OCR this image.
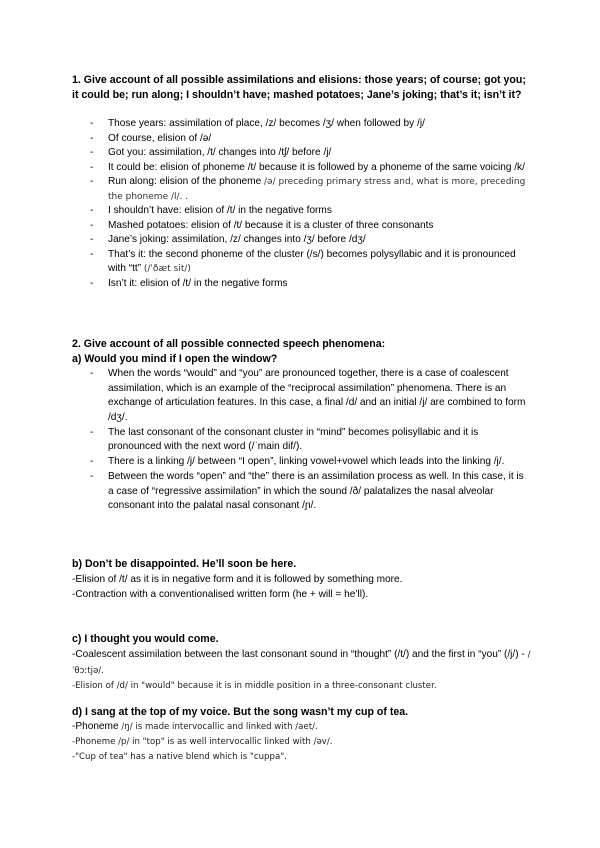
1. Give account of all possible assimilations and elisions: those years; of course; got you; it could be; run along; I shouldn’t have; mashed potatoes; Jane’s joking; that’s it; isn’t it?

- Those years: assimilation of place, /z/ becomes /ʒ/ when followed by /j/
- Of course, elision of /ə/
- Got you: assimilation, /t/ changes into /tʃ/ before /j/
- It could be: elision of phoneme /t/ because it is followed by a phoneme of the same voicing /k/
- Run along: elision of the phoneme /ə/ preceding primary stress and, what is more, preceding the phoneme /l/. .
- I shouldn’t have: elision of /t/ in the negative forms
- Mashed potatoes: elision of /t/ because it is a cluster of three consonants
- Jane’s joking: assimilation, /z/ changes into /ʒ/ before /dʒ/
- That’s it: the second phoneme of the cluster (/s/) becomes polysyllabic and it is pronounced with “tt” (/ˈðæt sit/)
- Isn’t it: elision of /t/ in the negative forms

2. Give account of all possible connected speech phenomena:

a) Would you mind if I open the window?

- When the words “would” and “you” are pronounced together, there is a case of coalescent assimilation, which is an example of the “reciprocal assimilation” phenomena. There is an exchange of articulation features. In this case, a final /d/ and an initial /j/ are combined to form /dʒ/.
- The last consonant of the consonant cluster in “mind” becomes polisyllabic and it is pronounced with the next word (/ˈmain dif/).
- There is a linking /j/ between “I open”, linking vowel+vowel which leads into the linking /j/.
- Between the words “open” and “the” there is an assimilation process as well. In this case, it is a case of “regressive assimilation” in which the sound /ð/ palatalizes the nasal alveolar consonant into the palatal nasal consonant /ɲ/.

b) Don’t be disappointed. He’ll soon be here.

-Elision of /t/ as it is in negative form and it is followed by something more.
-Contraction with a conventionalised written form (he + will = he’ll).

c) I thought you would come.

-Coalescent assimilation between the last consonant sound in “thought” (/t/) and the first in “you” (/j/) - /ˈθɔːtjə/.
-Elision of /d/ in "would" because it is in middle position in a three-consonant cluster.

d) I sang at the top of my voice. But the song wasn’t my cup of tea.

-Phoneme /ŋ/ is made intervocallic and linked with /aet/.
-Phoneme /p/ in "top" is as well intervocallic linked with /əv/.
-"Cup of tea" has a native blend which is "cuppa".
